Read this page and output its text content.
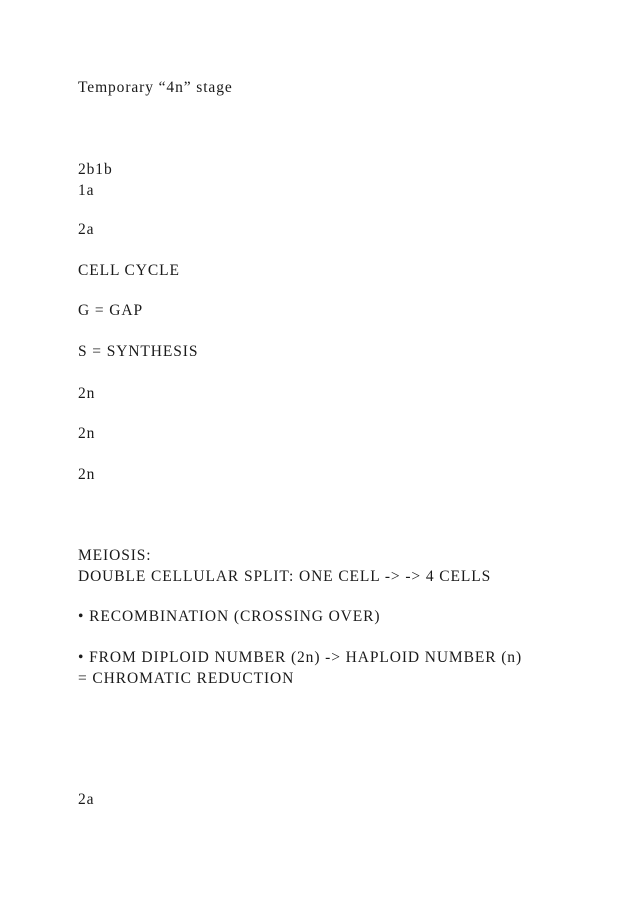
Temporary “4n” stage
2b1b
1a
2a
CELL CYCLE
G = GAP
S = SYNTHESIS
2n
2n
2n
MEIOSIS:
DOUBLE CELLULAR SPLIT: ONE CELL -> -> 4 CELLS
• RECOMBINATION (CROSSING OVER)
• FROM DIPLOID NUMBER (2n) -> HAPLOID NUMBER (n)
= CHROMATIC REDUCTION
2a
